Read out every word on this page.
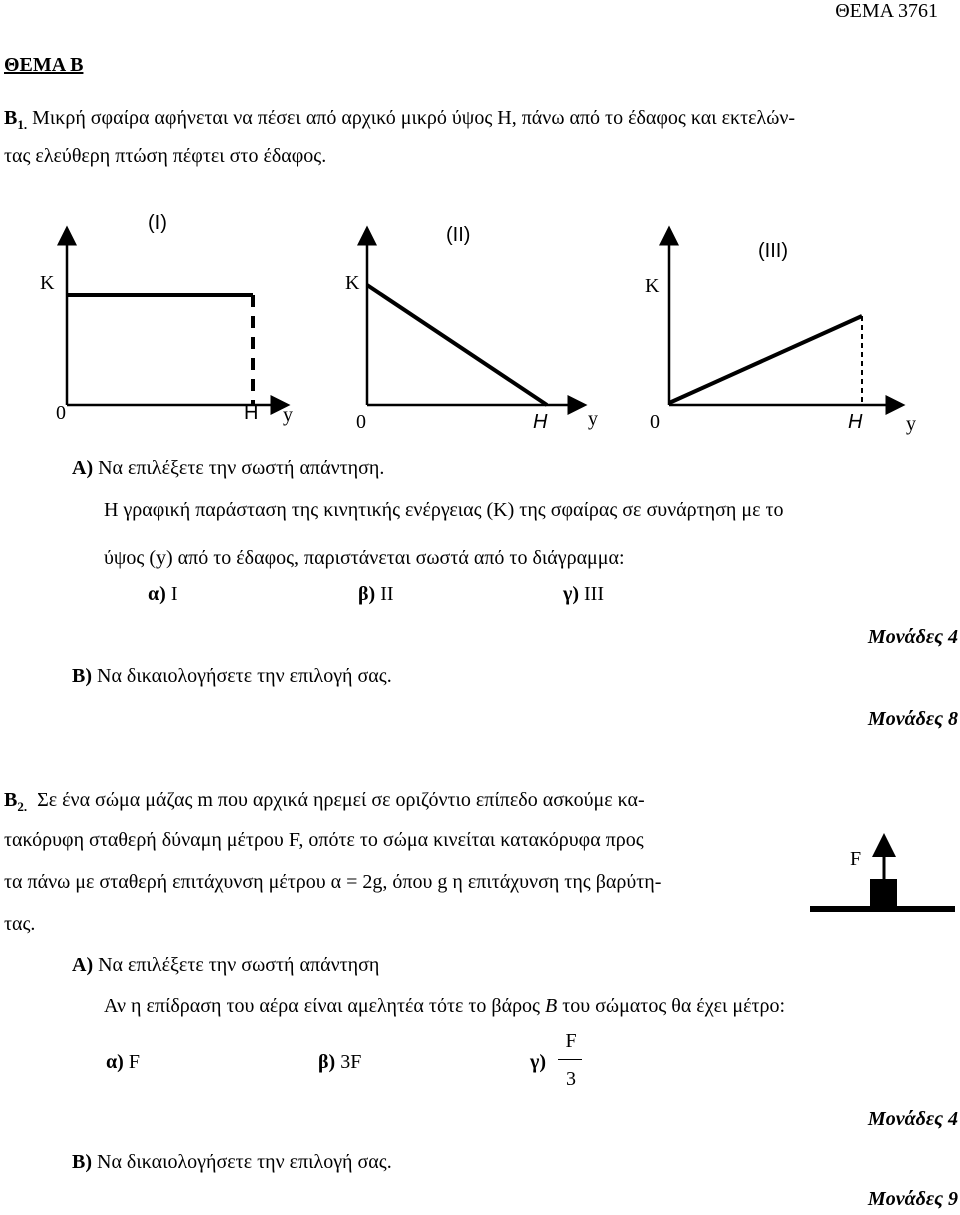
ΘΕΜΑ 3761
ΘΕΜΑ Β
$B_{1.}$ Μικρή σφαίρα αφήνεται να πέσει από αρχικό μικρό ύψος Η, πάνω από το έδαφος και εκτελών-
τας ελεύθερη πτώση πέφτει στο έδαφος.
(I)
K
0	H y
(II)
K
0	H y
(III)
K
0	H y
Α) Να επιλέξετε την σωστή απάντηση.
Η γραφική παράσταση της κινητικής ενέργειας (Κ) της σφαίρας σε συνάρτηση με το
ύψος (y) από το έδαφος, παριστάνεται σωστά από το διάγραμμα:
α) Ι	β) ΙΙ	γ) ΙΙΙ
Μονάδες 4
Β) Να δικαιολογήσετε την επιλογή σας.
Μονάδες 8
$B_{2.}$ Σε ένα σώμα μάζας m που αρχικά ηρεμεί σε οριζόντιο επίπεδο ασκούμε κα-
τακόρυφη σταθερή δύναμη μέτρου F, οπότε το σώμα κινείται κατακόρυφα προς
τα πάνω με σταθερή επιτάχυνση μέτρου α = 2g, όπου g η επιτάχυνση της βαρύτη-
τας.
F
Α) Να επιλέξετε την σωστή απάντηση
Αν η επίδραση του αέρα είναι αμελητέα τότε το βάρος B του σώματος θα έχει μέτρο:
α) F	β) 3F	γ)
F
3
Μονάδες 4
Β) Να δικαιολογήσετε την επιλογή σας.
Μονάδες 9
